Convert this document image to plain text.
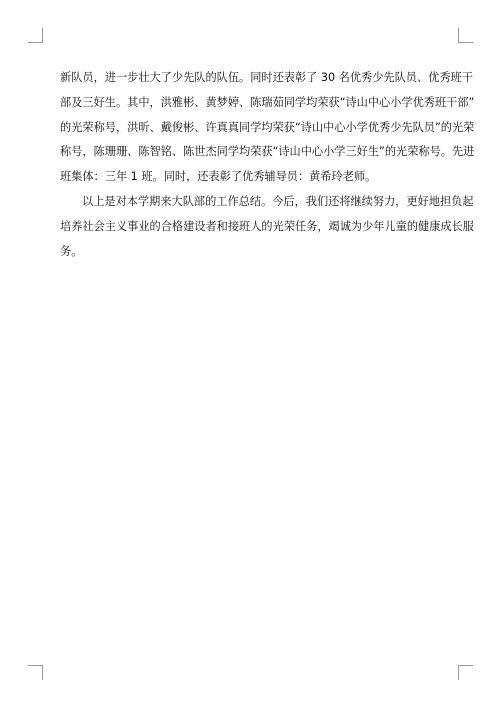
新队员，进一步壮大了少先队的队伍。同时还表彰了 30 名优秀少先队员、优秀班干
部及三好生。其中，洪雅彬、黄梦婷、陈瑞茹同学均荣获“诗山中心小学优秀班干部”
的光荣称号，洪昕、戴俊彬、许真真同学均荣获“诗山中心小学优秀少先队员”的光荣
称号，陈珊珊、陈智铭、陈世杰同学均荣获“诗山中心小学三好生”的光荣称号。先进
班集体：三年 1 班。同时，还表彰了优秀辅导员：黄希玲老师。

以上是对本学期来大队部的工作总结。今后，我们还将继续努力，更好地担负起
培养社会主义事业的合格建设者和接班人的光荣任务，竭诚为少年儿童的健康成长服
务。
